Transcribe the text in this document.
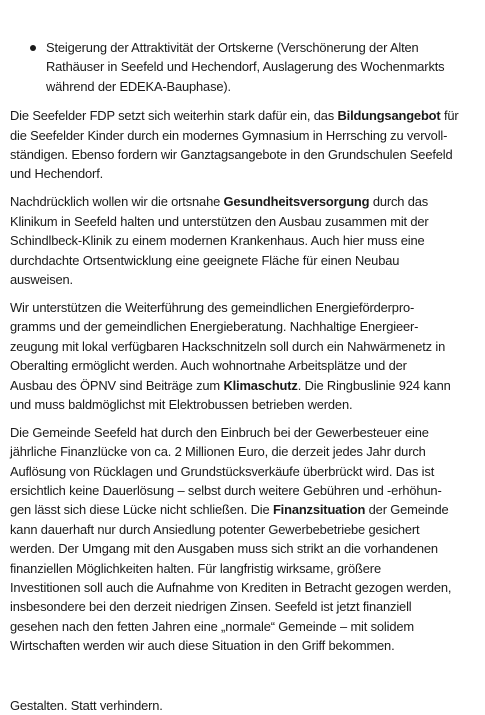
Steigerung der Attraktivität der Ortskerne (Verschönerung der Alten
Rathäuser in Seefeld und Hechendorf, Auslagerung des Wochenmarkts
während der EDEKA-Bauphase).

Die Seefelder FDP setzt sich weiterhin stark dafür ein, das Bildungsangebot für
die Seefelder Kinder durch ein modernes Gymnasium in Herrsching zu vervoll-
ständigen. Ebenso fordern wir Ganztagsangebote in den Grundschulen Seefeld
und Hechendorf.

Nachdrücklich wollen wir die ortsnahe Gesundheitsversorgung durch das
Klinikum in Seefeld halten und unterstützen den Ausbau zusammen mit der
Schindlbeck-Klinik zu einem modernen Krankenhaus. Auch hier muss eine
durchdachte Ortsentwicklung eine geeignete Fläche für einen Neubau
ausweisen.

Wir unterstützen die Weiterführung des gemeindlichen Energieförderpro-
gramms und der gemeindlichen Energieberatung. Nachhaltige Energieer-
zeugung mit lokal verfügbaren Hackschnitzeln soll durch ein Nahwärmenetz in
Oberalting ermöglicht werden. Auch wohnortnahe Arbeitsplätze und der
Ausbau des ÖPNV sind Beiträge zum Klimaschutz. Die Ringbuslinie 924 kann
und muss baldmöglichst mit Elektrobussen betrieben werden.

Die Gemeinde Seefeld hat durch den Einbruch bei der Gewerbesteuer eine
jährliche Finanzlücke von ca. 2 Millionen Euro, die derzeit jedes Jahr durch
Auflösung von Rücklagen und Grundstücksverkäufe überbrückt wird. Das ist
ersichtlich keine Dauerlösung – selbst durch weitere Gebühren und -erhöhun-
gen lässt sich diese Lücke nicht schließen. Die Finanzsituation der Gemeinde
kann dauerhaft nur durch Ansiedlung potenter Gewerbebetriebe gesichert
werden. Der Umgang mit den Ausgaben muss sich strikt an die vorhandenen
finanziellen Möglichkeiten halten. Für langfristig wirksame, größere
Investitionen soll auch die Aufnahme von Krediten in Betracht gezogen werden,
insbesondere bei den derzeit niedrigen Zinsen. Seefeld ist jetzt finanziell
gesehen nach den fetten Jahren eine „normale“ Gemeinde – mit solidem
Wirtschaften werden wir auch diese Situation in den Griff bekommen.

Gestalten. Statt verhindern.
